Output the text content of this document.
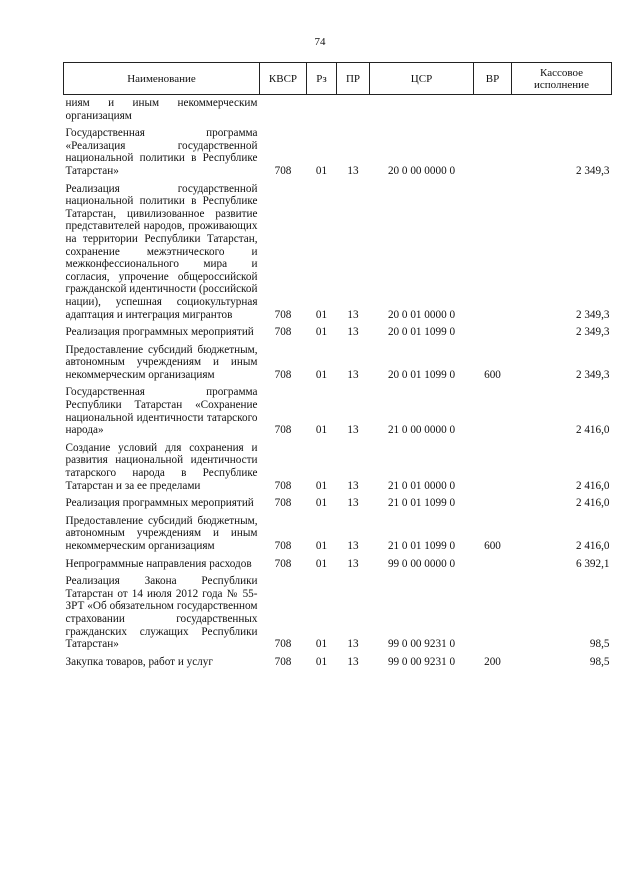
74
Наименование	КВСР	Рз	ПР	ЦСР	ВР	Кассовое исполнение
ниям и иным некоммерческим организациям						
Государственная программа «Реализация государственной национальной политики в Республике Татарстан»	708	01	13	20 0 00 0000 0		2 349,3
Реализация государственной национальной политики в Республике Татарстан, цивилизованное развитие представителей народов, проживающих на территории Республики Татарстан, сохранение межэтнического и межконфессионального мира и согласия, упрочение общероссийской гражданской идентичности (российской нации), успешная социокультурная адаптация и интеграция мигрантов	708	01	13	20 0 01 0000 0		2 349,3
Реализация программных мероприятий	708	01	13	20 0 01 1099 0		2 349,3
Предоставление субсидий бюджетным, автономным учреждениям и иным некоммерческим организациям	708	01	13	20 0 01 1099 0	600	2 349,3
Государственная программа Республики Татарстан «Сохранение национальной идентичности татарского народа»	708	01	13	21 0 00 0000 0		2 416,0
Создание условий для сохранения и развития национальной идентичности татарского народа в Республике Татарстан и за ее пределами	708	01	13	21 0 01 0000 0		2 416,0
Реализация программных мероприятий	708	01	13	21 0 01 1099 0		2 416,0
Предоставление субсидий бюджетным, автономным учреждениям и иным некоммерческим организациям	708	01	13	21 0 01 1099 0	600	2 416,0
Непрограммные направления расходов	708	01	13	99 0 00 0000 0		6 392,1
Реализация Закона Республики Татарстан от 14 июля 2012 года № 55-ЗРТ «Об обязательном государственном страховании государственных гражданских служащих Республики Татарстан»	708	01	13	99 0 00 9231 0		98,5
Закупка товаров, работ и услуг	708	01	13	99 0 00 9231 0	200	98,5
